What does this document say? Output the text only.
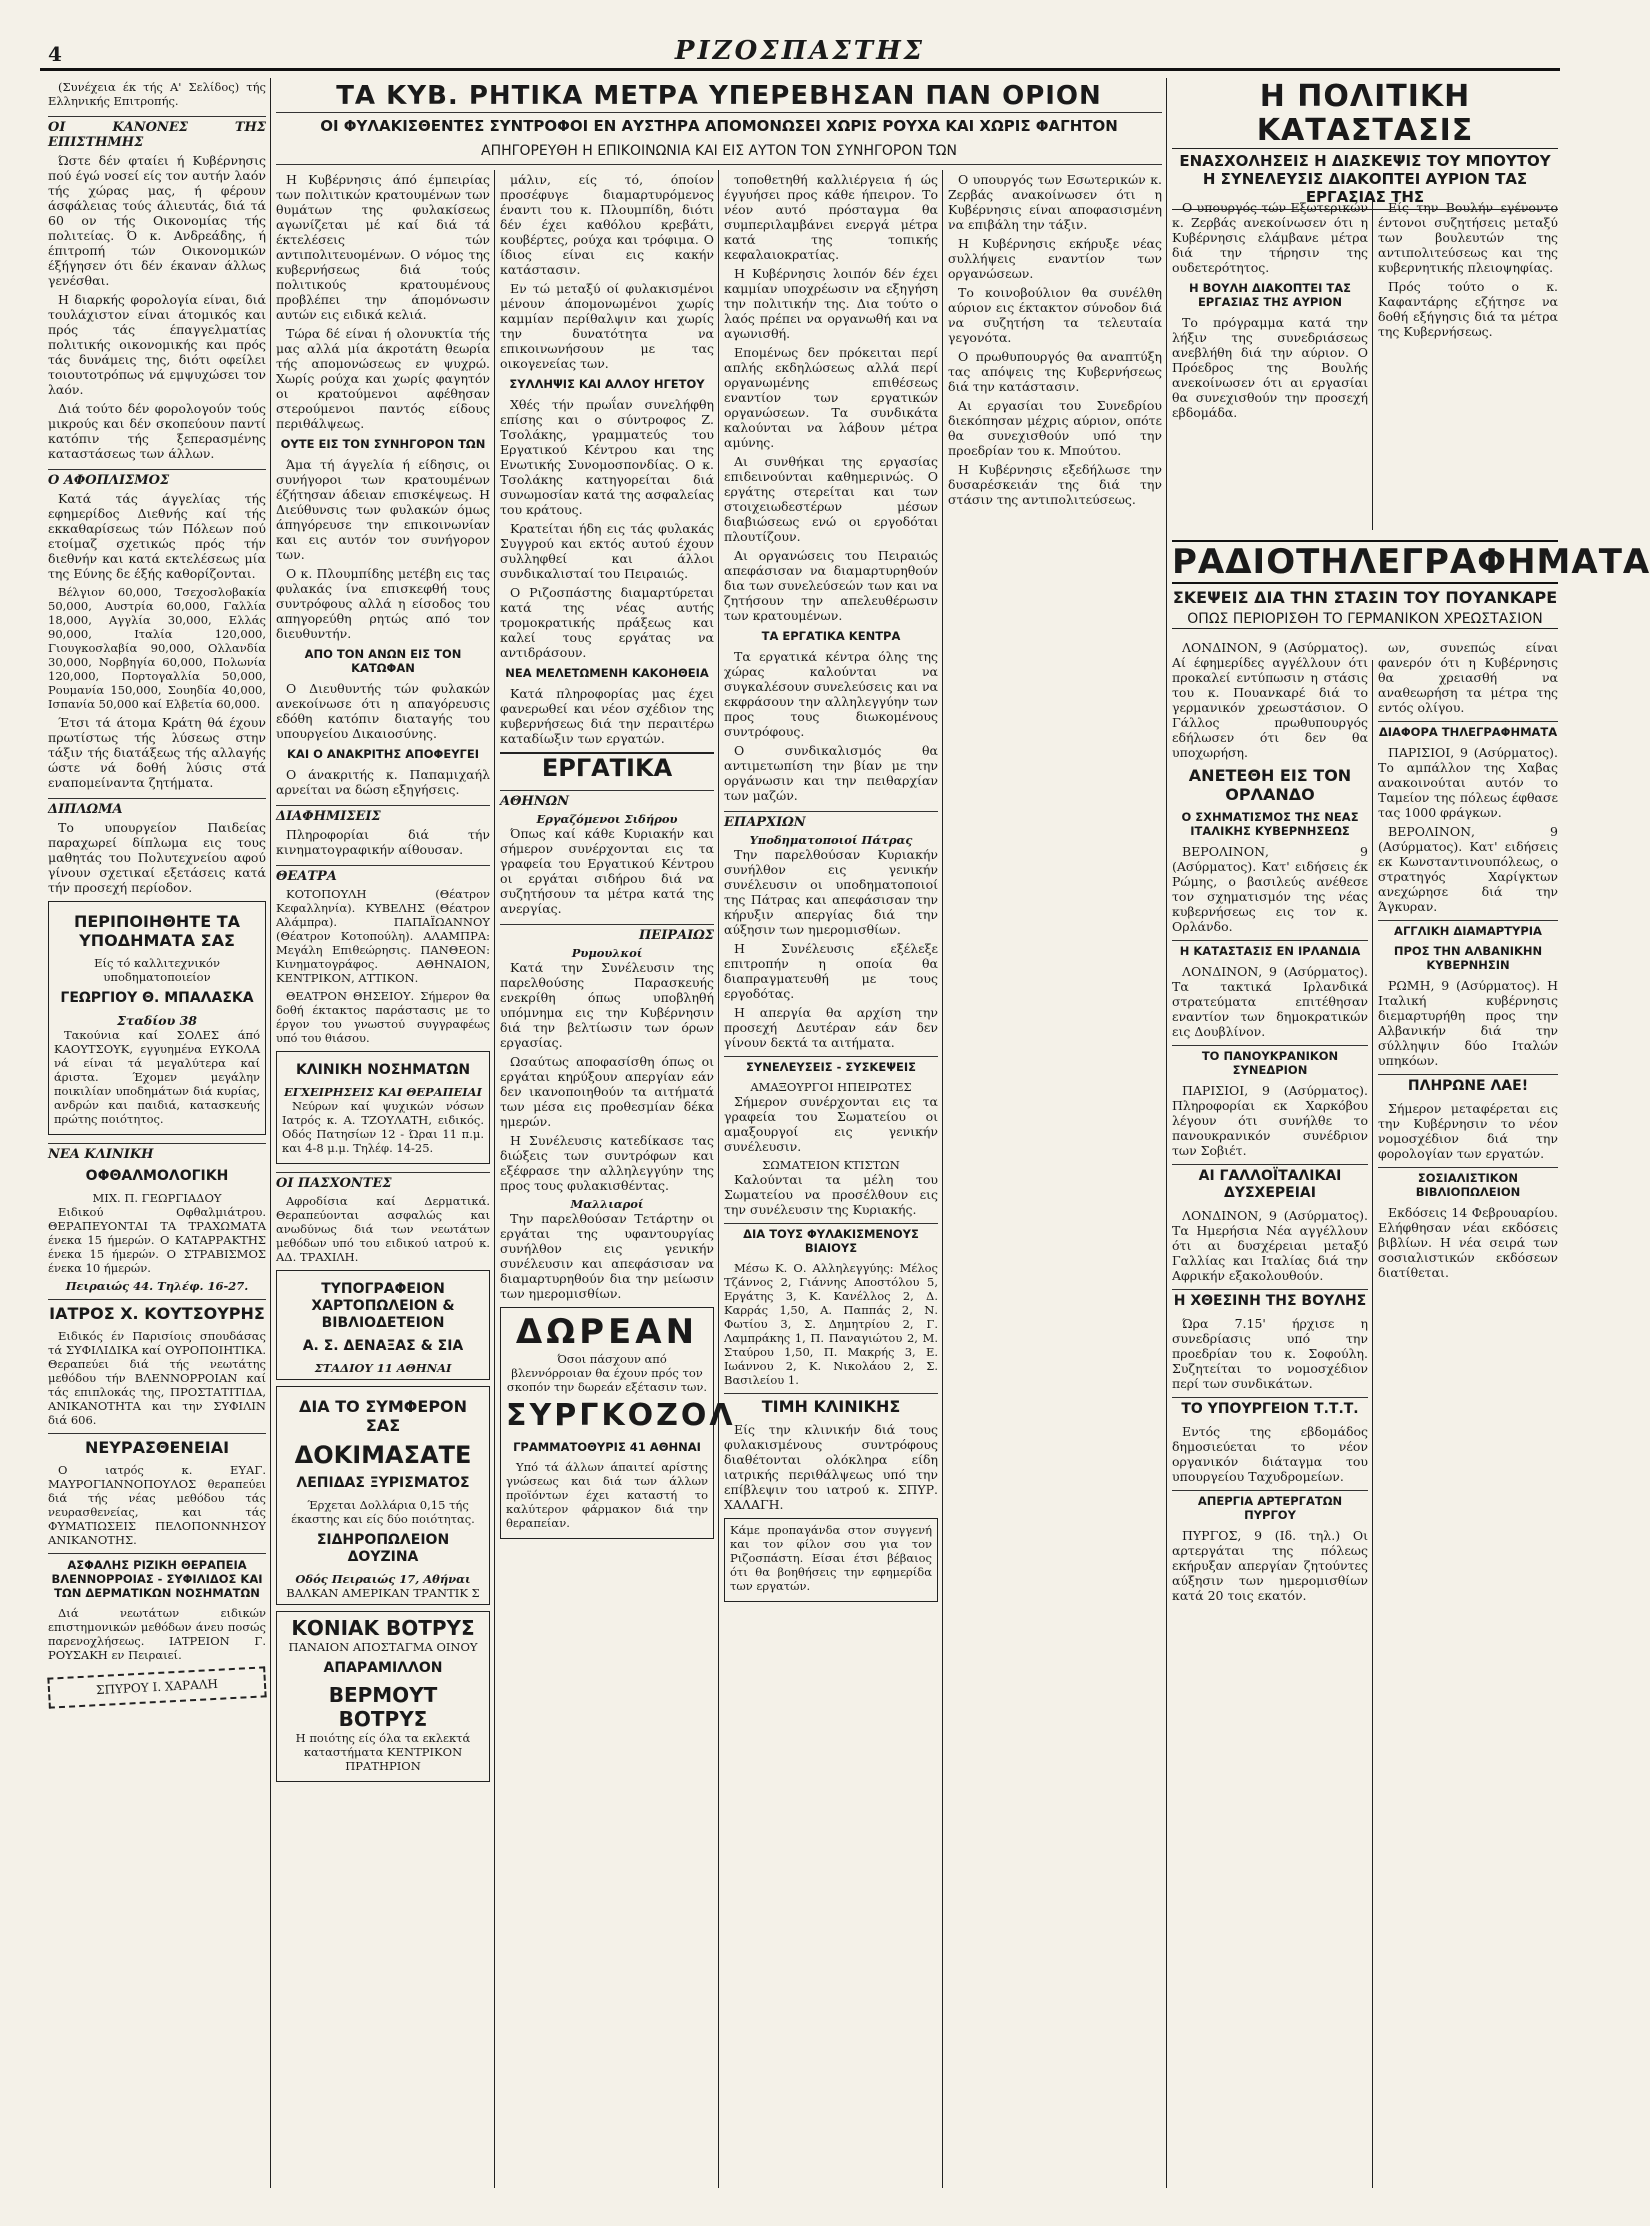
4	ΡΙΖΟΣΠΑΣΤΗΣ

(Συνέχεια έκ τής Α' Σελίδος) τής Ελληνικής Επιτροπής.

ΟΙ ΚΑΝΟΝΕΣ ΤΗΣ ΕΠΙΣΤΗΜΗΣ

Ώστε δέν φταίει ή Κυβέρνησις πού έγώ νοσεί είς τον αυτήν λαόν τής χώρας μας, ή φέρουν άσφάλειας τούς άλιευτάς, διά τά 60 ον τής Οικονομίας τής πολιτείας. Ό κ. Ανδρεάδης, ή έπιτροπή τών Οικονομικών έξήγησεν ότι δέν έκαναν άλλως γενέσθαι.

Η διαρκής φορολογία είναι, διά τουλάχιστον είναι άτομικός και πρός τάς έπαγγελματίας πολιτικής οικονομικής και πρός τάς δυνάμεις της, διότι οφείλει τοιουτοτρόπως νά εμψυχώσει τον λαόν.

Διά τούτο δέν φορολογούν τούς μικρούς και δέν σκοπεύουν παντί κατόπιν τής ξεπερασμένης καταστάσεως των άλλων.

Ο ΑΦΟΠΛΙΣΜΟΣ

Κατά τάς άγγελίας τής εφημερίδος Διεθνής καί τής εκκαθαρίσεως τών Πόλεων πού ετοίμαζ σχετικώς πρός τήν διεθνήν και κατά εκτελέσεως μία της Εύνης δε έξής καθορίζονται.

Βέλγιον 60,000, Τσεχοσλοβακία 50,000, Αυστρία 60,000, Γαλλία 18,000, Αγγλία 30,000, Ελλάς 90,000, Ιταλία 120,000, Γιουγκοσλαβία 90,000, Ολλανδία 30,000, Νορβηγία 60,000, Πολωνία 120,000, Πορτογαλλία 50,000, Ρουμανία 150,000, Σουηδία 40,000, Ισπανία 50,000 καί Ελβετία 60,000.

Έτσι τά άτομα Κράτη θά έχουν πρωτίστως τής λύσεως στην τάξιν τής διατάξεως τής αλλαγής ώστε νά δοθή λύσις στά εναπομείναντα ζητήματα.

ΔΙΠΛΩΜΑ

Το υπουργείον Παιδείας παραχωρεί δίπλωμα εις τους μαθητάς του Πολυτεχνείου αφού γίνουν σχετικαί εξετάσεις κατά τήν προσεχή περίοδον.

ΠΕΡΙΠΟΙΗΘΗΤΕ ΤΑ ΥΠΟΔΗΜΑΤΑ ΣΑΣ
Είς τό καλλιτεχνικόν υποδηματοποιείον
ΓΕΩΡΓΙΟΥ Θ. ΜΠΑΛΑΣΚΑ
Σταδίου 38

Τακούνια καί ΣΟΛΕΣ άπό ΚΑΟΥΤΣΟΥΚ, εγγυημένα ΕΥΚΟΛΑ νά είναι τά μεγαλύτερα καί άριστα. Έχομεν μεγάλην ποικιλίαν υποδημάτων διά κυρίας, ανδρών και παιδιά, κατασκευής πρώτης ποιότητος.

ΝΕΑ ΚΛΙΝΙΚΗ
ΟΦΘΑΛΜΟΛΟΓΙΚΗ
ΜΙΧ. Π. ΓΕΩΡΓΙΑΔΟΥ

Ειδικού Οφθαλμιάτρου. ΘΕΡΑΠΕΥΟΝΤΑΙ ΤΑ ΤΡΑΧΩΜΑΤΑ ένεκα 15 ήμερών. Ο ΚΑΤΑΡΡΑΚΤΗΣ ένεκα 15 ήμερών. Ο ΣΤΡΑΒΙΣΜΟΣ ένεκα 10 ήμερών.

Πειραιώς 44. Τηλέφ. 16-27.
ΙΑΤΡΟΣ Χ. ΚΟΥΤΣΟΥΡΗΣ

Ειδικός έν Παρισίοις σπουδάσας τά ΣΥΦΙΛΙΔΙΚΑ καί ΟΥΡΟΠΟΙΗΤΙΚΑ. Θεραπεύει διά τής νεωτάτης μεθόδου τήν ΒΛΕΝΝΟΡΡΟΙΑΝ καί τάς επιπλοκάς της, ΠΡΟΣΤΑΤΙΤΙΔΑ, ΑΝΙΚΑΝΟΤΗΤΑ και την ΣΥΦΙΛΙΝ διά 606.

ΝΕΥΡΑΣΘΕΝΕΙΑΙ

Ο ιατρός κ. ΕΥΑΓ. ΜΑΥΡΟΓΙΑΝΝΟΠΟΥΛΟΣ θεραπεύει διά τής νέας μεθόδου τάς νευρασθενείας, και τάς ΦΥΜΑΤΙΩΣΕΙΣ ΠΕΛΟΠΟΝΝΗΣΟΥ ΑΝΙΚΑΝΟΤΗΣ.

ΑΣΦΑΛΗΣ ΡΙΖΙΚΗ ΘΕΡΑΠΕΙΑ ΒΛΕΝΝΟΡΡΟΙΑΣ - ΣΥΦΙΛΙΔΟΣ ΚΑΙ ΤΩΝ ΔΕΡΜΑΤΙΚΩΝ ΝΟΣΗΜΑΤΩΝ

Διά νεωτάτων ειδικών επιστημονικών μεθόδων άνευ ποσώς παρενοχλήσεως. ΙΑΤΡΕΙΟΝ Γ. ΡΟΥΣΑΚΗ εν Πειραιεί.

ΣΠΥΡΟΥ Ι. ΧΑΡΑΛΗ
ΤΑ ΚΥΒ. ΡΗΤΙΚΑ ΜΕΤΡΑ ΥΠΕΡΕΒΗΣΑΝ ΠΑΝ ΟΡΙΟΝ
ΟΙ ΦΥΛΑΚΙΣΘΕΝΤΕΣ ΣΥΝΤΡΟΦΟΙ ΕΝ ΑΥΣΤΗΡΑ ΑΠΟΜΟΝΩΣΕΙ ΧΩΡΙΣ ΡΟΥΧΑ ΚΑΙ ΧΩΡΙΣ ΦΑΓΗΤΟΝ
ΑΠΗΓΟΡΕΥΘΗ Η ΕΠΙΚΟΙΝΩΝΙΑ ΚΑΙ ΕΙΣ ΑΥΤΟΝ ΤΟΝ ΣΥΝΗΓΟΡΟΝ ΤΩΝ

Η Κυβέρνησις άπό έμπειρίας των πολιτικών κρατουμένων των θυμάτων της φυλακίσεως αγωνίζεται μέ καί διά τά έκτελέσεις τών αντιπολιτευομένων. Ο νόμος της κυβερνήσεως διά τούς πολιτικούς κρατουμένους προβλέπει την άπομόνωσιν αυτών εις ειδικά κελιά.

Τώρα δέ είναι ή ολονυκτία τής μας αλλά μία άκροτάτη θεωρία τής απομονώσεως εν ψυχρώ. Χωρίς ρούχα και χωρίς φαγητόν οι κρατούμενοι αφέθησαν στερούμενοι παντός είδους περιθάλψεως.

ΟΥΤΕ ΕΙΣ ΤΟΝ ΣΥΝΗΓΟΡΟΝ ΤΩΝ

Άμα τή άγγελία ή είδησις, οι συνήγοροι των κρατουμένων έζήτησαν άδειαν επισκέψεως. Η Διεύθυνσις των φυλακών όμως άπηγόρευσε την επικοινωνίαν και εις αυτόν τον συνήγορον των.

Ο κ. Πλουμπίδης μετέβη εις τας φυλακάς ίνα επισκεφθή τους συντρόφους αλλά η είσοδος του απηγορεύθη ρητώς από τον διευθυντήν.

ΑΠΟ ΤΟΝ ΑΝΩΝ ΕΙΣ ΤΟΝ ΚΑΤΩΦΑΝ

Ο Διευθυντής τών φυλακών ανεκοίνωσε ότι η απαγόρευσις εδόθη κατόπιν διαταγής του υπουργείου Δικαιοσύνης.

ΚΑΙ Ο ΑΝΑΚΡΙΤΗΣ ΑΠΟΦΕΥΓΕΙ

Ο άνακριτής κ. Παπαμιχαήλ αρνείται να δώση εξηγήσεις.

ΔΙΑΦΗΜΙΣΕΙΣ

Πληροφορίαι διά τήν κινηματογραφικήν αίθουσαν.

ΘΕΑΤΡΑ

ΚΟΤΟΠΟΥΛΗ (Θέατρον Κεφαλληνία). ΚΥΒΕΛΗΣ (Θέατρον Αλάμπρα). ΠΑΠΑΪΩΑΝΝΟΥ (Θέατρον Κοτοπούλη). ΑΛΑΜΠΡΑ: Μεγάλη Επιθεώρησις. ΠΑΝΘΕΟΝ: Κινηματογράφος. ΑΘΗΝΑΙΟΝ, ΚΕΝΤΡΙΚΟΝ, ΑΤΤΙΚΟΝ.

ΘΕΑΤΡΟΝ ΘΗΣΕΙΟΥ. Σήμερον θα δοθή έκτακτος παράστασις με το έργον του γνωστού συγγραφέως υπό του θιάσου.

ΚΛΙΝΙΚΗ ΝΟΣΗΜΑΤΩΝ
ΕΓΧΕΙΡΗΣΕΙΣ ΚΑΙ ΘΕΡΑΠΕΙΑΙ

Νεύρων καί ψυχικών νόσων Ιατρός κ. Α. ΤΖΟΥΛΑΤΗ, ειδικός. Οδός Πατησίων 12 - Ώραι 11 π.μ. και 4-8 μ.μ. Τηλέφ. 14-25.

ΟΙ ΠΑΣΧΟΝΤΕΣ

Αφροδίσια καί Δερματικά. Θεραπεύονται ασφαλώς και ανωδύνως διά των νεωτάτων μεθόδων υπό του ειδικού ιατρού κ. ΑΔ. ΤΡΑΧΙΛΗ.

ΤΥΠΟΓΡΑΦΕΙΟΝ ΧΑΡΤΟΠΩΛΕΙΟΝ & ΒΙΒΛΙΟΔΕΤΕΙΟΝ
Α. Σ. ΔΕΝΑΞΑΣ & ΣΙΑ
ΣΤΑΔΙΟΥ 11 ΑΘΗΝΑΙ
ΔΙΑ ΤΟ ΣΥΜΦΕΡΟΝ ΣΑΣ
ΔΟΚΙΜΑΣΑΤΕ
ΛΕΠΙΔΑΣ ΞΥΡΙΣΜΑΤΟΣ

Έρχεται Δολλάρια 0,15 τής έκαστης και είς δύο ποιότητας.

ΣΙΔΗΡΟΠΩΛΕΙΟΝ ΔΟΥΖΙΝΑ
Οδός Πειραιώς 17, Αθήναι
ΒΑΛΚΑΝ ΑΜΕΡΙΚΑΝ ΤΡΑΝΤΙΚ Σ
ΚΟΝΙΑΚ ΒΟΤΡΥΣ
ΠΑΝΑΙΟΝ ΑΠΟΣΤΑΓΜΑ ΟΙΝΟΥ
ΑΠΑΡΑΜΙΛΛΟΝ
ΒΕΡΜΟΥΤ ΒΟΤΡΥΣ

Η ποιότης είς όλα τα εκλεκτά καταστήματα ΚΕΝΤΡΙΚΟΝ ΠΡΑΤΗΡΙΟΝ

μάλιν, είς τό, όποίον προσέφυγε διαμαρτυρόμενος έναντι του κ. Πλουμπίδη, διότι δέν έχει καθόλου κρεβάτι, κουβέρτες, ρούχα και τρόφιμα. Ο ίδιος είναι εις κακήν κατάστασιν.

Εν τώ μεταξύ οί φυλακισμένοι μένουν άπομονωμένοι χωρίς καμμίαν περίθαλψιν και χωρίς την δυνατότητα να επικοινωνήσουν με τας οικογενείας των.

ΣΥΛΛΗΨΙΣ ΚΑΙ ΑΛΛΟΥ ΗΓΕΤΟΥ

Χθές τήν πρωΐαν συνελήφθη επίσης και ο σύντροφος Ζ. Τσολάκης, γραμματεύς του Εργατικού Κέντρου και της Ενωτικής Συνομοσπονδίας. Ο κ. Τσολάκης κατηγορείται διά συνωμοσίαν κατά της ασφαλείας του κράτους.

Κρατείται ήδη εις τάς φυλακάς Συγγρού και εκτός αυτού έχουν συλληφθεί και άλλοι συνδικαλισταί του Πειραιώς.

Ο Ριζοσπάστης διαμαρτύρεται κατά της νέας αυτής τρομοκρατικής πράξεως και καλεί τους εργάτας να αντιδράσουν.

ΝΕΑ ΜΕΛΕΤΩΜΕΝΗ ΚΑΚΟΗΘΕΙΑ

Κατά πληροφορίας μας έχει φανερωθεί και νέον σχέδιον της κυβερνήσεως διά την περαιτέρω καταδίωξιν των εργατών.

ΕΡΓΑΤΙΚΑ
ΑΘΗΝΩΝ
Εργαζόμενοι Σιδήρου

Όπως καί κάθε Κυριακήν και σήμερον συνέρχονται εις τα γραφεία του Εργατικού Κέντρου οι εργάται σιδήρου διά να συζητήσουν τα μέτρα κατά της ανεργίας.

ΠΕΙΡΑΙΩΣ
Ρυμουλκοί

Κατά την Συνέλευσιν της παρελθούσης Παρασκευής ενεκρίθη όπως υποβληθή υπόμνημα εις την Κυβέρνησιν διά την βελτίωσιν των όρων εργασίας.

Ωσαύτως αποφασίσθη όπως οι εργάται κηρύξουν απεργίαν εάν δεν ικανοποιηθούν τα αιτήματά των μέσα εις προθεσμίαν δέκα ημερών.

Η Συνέλευσις κατεδίκασε τας διώξεις των συντρόφων και εξέφρασε την αλληλεγγύην της προς τους φυλακισθέντας.

Μαλλιαροί

Την παρελθούσαν Τετάρτην οι εργάται της υφαντουργίας συνήλθον εις γενικήν συνέλευσιν και απεφάσισαν να διαμαρτυρηθούν δια την μείωσιν των ημερομισθίων.

ΔΩΡΕΑΝ

Όσοι πάσχουν από βλεννόρροιαν θα έχουν πρός τον σκοπόν την δωρεάν εξέτασιν των.

ΣΥΡΓΚΟΖΟΛ
ΓΡΑΜΜΑΤΟΘΥΡΙΣ 41 ΑΘΗΝΑΙ

Υπό τά άλλων άπαιτεί αρίστης γνώσεως και διά των άλλων προϊόντων έχει καταστή το καλύτερον φάρμακον διά την θεραπείαν.

τοποθετηθή καλλιέργεια ή ώς έγγυήσει προς κάθε ήπειρον. Το νέον αυτό πρόσταγμα θα συμπεριλαμβάνει ενεργά μέτρα κατά της τοπικής κεφαλαιοκρατίας.

Η Κυβέρνησις λοιπόν δέν έχει καμμίαν υποχρέωσιν να εξηγήση την πολιτικήν της. Δια τούτο ο λαός πρέπει να οργανωθή και να αγωνισθή.

Επομένως δεν πρόκειται περί απλής εκδηλώσεως αλλά περί οργανωμένης επιθέσεως εναντίον των εργατικών οργανώσεων. Τα συνδικάτα καλούνται να λάβουν μέτρα αμύνης.

Αι συνθήκαι της εργασίας επιδεινούνται καθημερινώς. Ο εργάτης στερείται και των στοιχειωδεστέρων μέσων διαβιώσεως ενώ οι εργοδόται πλουτίζουν.

Αι οργανώσεις του Πειραιώς απεφάσισαν να διαμαρτυρηθούν δια των συνελεύσεών των και να ζητήσουν την απελευθέρωσιν των κρατουμένων.

ΤΑ ΕΡΓΑΤΙΚΑ ΚΕΝΤΡΑ

Τα εργατικά κέντρα όλης της χώρας καλούνται να συγκαλέσουν συνελεύσεις και να εκφράσουν την αλληλεγγύην των προς τους διωκομένους συντρόφους.

Ο συνδικαλισμός θα αντιμετωπίση την βίαν με την οργάνωσιν και την πειθαρχίαν των μαζών.

ΕΠΑΡΧΙΩΝ
Υποδηματοποιοί Πάτρας

Την παρελθούσαν Κυριακήν συνήλθον εις γενικήν συνέλευσιν οι υποδηματοποιοί της Πάτρας και απεφάσισαν την κήρυξιν απεργίας διά την αύξησιν των ημερομισθίων.

Η Συνέλευσις εξέλεξε επιτροπήν η οποία θα διαπραγματευθή με τους εργοδότας.

Η απεργία θα αρχίση την προσεχή Δευτέραν εάν δεν γίνουν δεκτά τα αιτήματα.

ΣΥΝΕΛΕΥΣΕΙΣ - ΣΥΣΚΕΨΕΙΣ
ΑΜΑΞΟΥΡΓΟΙ ΗΠΕΙΡΩΤΕΣ

Σήμερον συνέρχονται εις τα γραφεία του Σωματείου οι αμαξουργοί εις γενικήν συνέλευσιν.

ΣΩΜΑΤΕΙΟΝ ΚΤΙΣΤΩΝ

Καλούνται τα μέλη του Σωματείου να προσέλθουν εις την συνέλευσιν της Κυριακής.

ΔΙΑ ΤΟΥΣ ΦΥΛΑΚΙΣΜΕΝΟΥΣ ΒΙΑΙΟΥΣ

Μέσω Κ. Ο. Αλληλεγγύης: Μέλος Τζάννος 2, Γιάννης Αποστόλου 5, Εργάτης 3, Κ. Κανέλλος 2, Δ. Καρράς 1,50, Α. Παππάς 2, Ν. Φωτίου 3, Σ. Δημητρίου 2, Γ. Λαμπράκης 1, Π. Παναγιώτου 2, Μ. Σταύρου 1,50, Π. Μακρής 3, Ε. Ιωάννου 2, Κ. Νικολάου 2, Σ. Βασιλείου 1.

ΤΙΜΗ ΚΛΙΝΙΚΗΣ

Είς την κλινικήν διά τους φυλακισμένους συντρόφους διαθέτονται ολόκληρα είδη ιατρικής περιθάλψεως υπό την επίβλεψιν του ιατρού κ. ΣΠΥΡ. ΧΑΛΑΓΗ.

Κάμε προπαγάνδα στον συγγενή και τον φίλον σου για τον Ριζοσπάστη. Είσαι έτσι βέβαιος ότι θα βοηθήσεις την εφημερίδα των εργατών.

Ο υπουργός των Εσωτερικών κ. Ζερβάς ανακοίνωσεν ότι η Κυβέρνησις είναι αποφασισμένη να επιβάλη την τάξιν.

Η Κυβέρνησις εκήρυξε νέας συλλήψεις εναντίον των οργανώσεων.

Το κοινοβούλιον θα συνέλθη αύριον εις έκτακτον σύνοδον διά να συζητήση τα τελευταία γεγονότα.

Ο πρωθυπουργός θα αναπτύξη τας απόψεις της Κυβερνήσεως διά την κατάστασιν.

Αι εργασίαι του Συνεδρίου διεκόπησαν μέχρις αύριον, οπότε θα συνεχισθούν υπό την προεδρίαν του κ. Μπούτου.

Η Κυβέρνησις εξεδήλωσε την δυσαρέσκειάν της διά την στάσιν της αντιπολιτεύσεως.

Η ΠΟΛΙΤΙΚΗ ΚΑΤΑΣΤΑΣΙΣ
ΕΝΑΣΧΟΛΗΣΕΙΣ Η ΔΙΑΣΚΕΨΙΣ ΤΟΥ ΜΠΟΥΤΟΥ
Η ΣΥΝΕΛΕΥΣΙΣ ΔΙΑΚΟΠΤΕΙ ΑΥΡΙΟΝ ΤΑΣ ΕΡΓΑΣΙΑΣ ΤΗΣ

Ο υπουργός τών Εξωτερικών κ. Ζερβάς ανεκοίνωσεν ότι η Κυβέρνησις ελάμβανε μέτρα διά την τήρησιν της ουδετερότητος.

Η ΒΟΥΛΗ ΔΙΑΚΟΠΤΕΙ ΤΑΣ ΕΡΓΑΣΙΑΣ ΤΗΣ ΑΥΡΙΟΝ

Το πρόγραμμα κατά την λήξιν της συνεδριάσεως ανεβλήθη διά την αύριον. Ο Πρόεδρος της Βουλής ανεκοίνωσεν ότι αι εργασίαι θα συνεχισθούν την προσεχή εβδομάδα.

Είς την Βουλήν εγένοντο έντονοι συζητήσεις μεταξύ των βουλευτών της αντιπολιτεύσεως και της κυβερνητικής πλειοψηφίας.

Πρός τούτο ο κ. Καφαντάρης εζήτησε να δοθή εξήγησις διά τα μέτρα της Κυβερνήσεως.

ΡΑΔΙΟΤΗΛΕΓΡΑΦΗΜΑΤΑ
ΣΚΕΨΕΙΣ ΔΙΑ ΤΗΝ ΣΤΑΣΙΝ ΤΟΥ ΠΟΥΑΝΚΑΡΕ
ΟΠΩΣ ΠΕΡΙΟΡΙΣΘΗ ΤΟ ΓΕΡΜΑΝΙΚΟΝ ΧΡΕΩΣΤΑΣΙΟΝ

ΛΟΝΔΙΝΟΝ, 9 (Ασύρματος). Αί έφημερίδες αγγέλλουν ότι προκαλεί εντύπωσιν η στάσις του κ. Πουανκαρέ διά το γερμανικόν χρεωστάσιον. Ο Γάλλος πρωθυπουργός εδήλωσεν ότι δεν θα υποχωρήση.

ΑΝΕΤΕΘΗ ΕΙΣ ΤΟΝ ΟΡΛΑΝΔΟ
Ο ΣΧΗΜΑΤΙΣΜΟΣ ΤΗΣ ΝΕΑΣ ΙΤΑΛΙΚΗΣ ΚΥΒΕΡΝΗΣΕΩΣ

ΒΕΡΟΛΙΝΟΝ, 9 (Ασύρματος). Κατ' ειδήσεις έκ Ρώμης, ο βασιλεύς ανέθεσε τον σχηματισμόν της νέας κυβερνήσεως εις τον κ. Ορλάνδο.

Η ΚΑΤΑΣΤΑΣΙΣ ΕΝ ΙΡΛΑΝΔΙΑ

ΛΟΝΔΙΝΟΝ, 9 (Ασύρματος). Τα τακτικά Ιρλανδικά στρατεύματα επιτέθησαν εναντίον των δημοκρατικών εις Δουβλίνον.

ΤΟ ΠΑΝΟΥΚΡΑΝΙΚΟΝ ΣΥΝΕΔΡΙΟΝ

ΠΑΡΙΣΙΟΙ, 9 (Ασύρματος). Πληροφορίαι εκ Χαρκόβου λέγουν ότι συνήλθε το πανουκρανικόν συνέδριον των Σοβιέτ.

ΑΙ ΓΑΛΛΟΪΤΑΛΙΚΑΙ ΔΥΣΧΕΡΕΙΑΙ

ΛΟΝΔΙΝΟΝ, 9 (Ασύρματος). Τα Ημερήσια Νέα αγγέλλουν ότι αι δυσχέρειαι μεταξύ Γαλλίας και Ιταλίας διά την Αφρικήν εξακολουθούν.

Η ΧΘΕΣΙΝΗ ΤΗΣ ΒΟΥΛΗΣ

Ώρα 7.15' ήρχισε η συνεδρίασις υπό την προεδρίαν του κ. Σοφούλη. Συζητείται το νομοσχέδιον περί των συνδικάτων.

ΤΟ ΥΠΟΥΡΓΕΙΟΝ Τ.Τ.Τ.

Εντός της εβδομάδος δημοσιεύεται το νέον οργανικόν διάταγμα του υπουργείου Ταχυδρομείων.

ΑΠΕΡΓΙΑ ΑΡΤΕΡΓΑΤΩΝ ΠΥΡΓΟΥ

ΠΥΡΓΟΣ, 9 (Ιδ. τηλ.) Οι αρτεργάται της πόλεως εκήρυξαν απεργίαν ζητούντες αύξησιν των ημερομισθίων κατά 20 τοις εκατόν.

ων, συνεπώς είναι φανερόν ότι η Κυβέρνησις θα χρειασθή να αναθεωρήση τα μέτρα της εντός ολίγου.

ΔΙΑΦΟΡΑ ΤΗΛΕΓΡΑΦΗΜΑΤΑ

ΠΑΡΙΣΙΟΙ, 9 (Ασύρματος). Το αμπάλλον της Χαβας ανακοινούται αυτόν το Ταμείον της πόλεως έφθασε τας 1000 φράγκων.

ΒΕΡΟΛΙΝΟΝ, 9 (Ασύρματος). Κατ' ειδήσεις εκ Κωνσταντινουπόλεως, ο στρατηγός Χαρίγκτων ανεχώρησε διά την Άγκυραν.

ΑΓΓΛΙΚΗ ΔΙΑΜΑΡΤΥΡΙΑ
ΠΡΟΣ ΤΗΝ ΑΛΒΑΝΙΚΗΝ ΚΥΒΕΡΝΗΣΙΝ

ΡΩΜΗ, 9 (Ασύρματος). Η Ιταλική κυβέρνησις διεμαρτυρήθη προς την Αλβανικήν διά την σύλληψιν δύο Ιταλών υπηκόων.

ΠΛΗΡΩΝΕ ΛΑΕ!

Σήμερον μεταφέρεται εις την Κυβέρνησιν το νέον νομοσχέδιον διά την φορολογίαν των εργατών.

ΣΟΣΙΑΛΙΣΤΙΚΟΝ ΒΙΒΛΙΟΠΩΛΕΙΟΝ

Εκδόσεις 14 Φεβρουαρίου. Ελήφθησαν νέαι εκδόσεις βιβλίων. Η νέα σειρά των σοσιαλιστικών εκδόσεων διατίθεται.
